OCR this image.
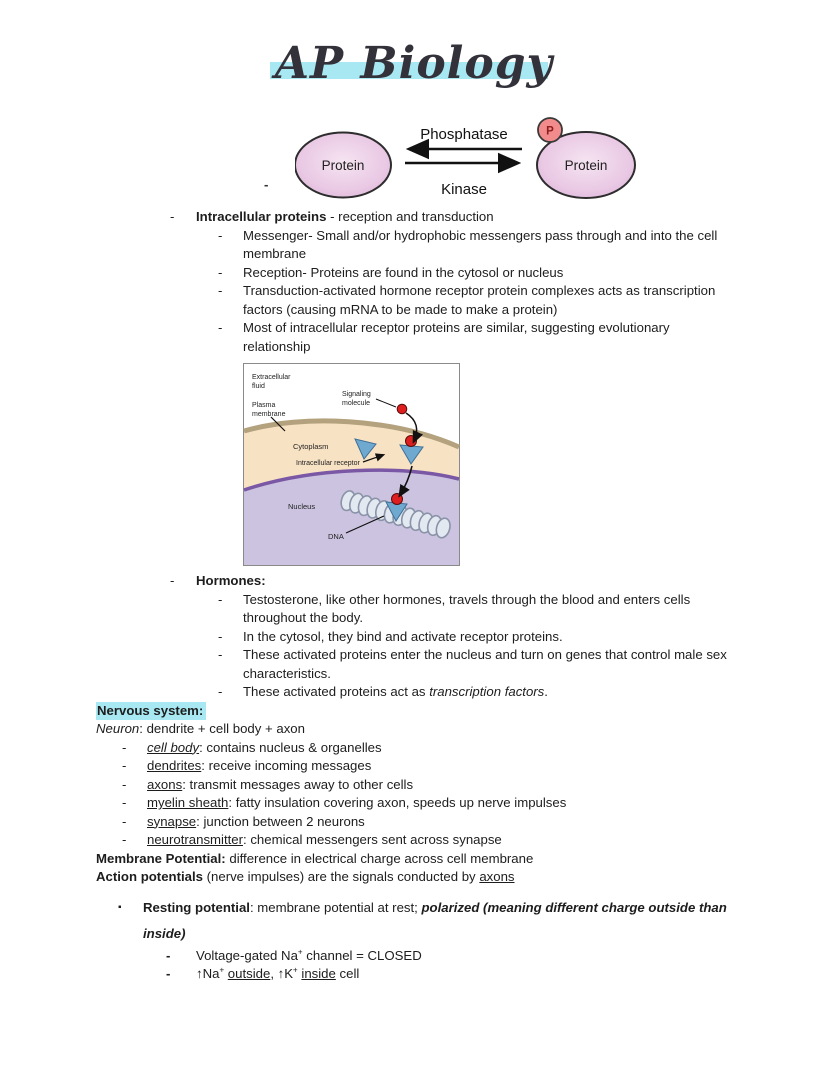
AP Biology
P
Protein	Protein
Phosphatase
Kinase
-	Intracellular proteins - reception and transduction
-	Messenger- Small and/or hydrophobic messengers pass through and into the cell membrane
-	Reception- Proteins are found in the cytosol or nucleus
-	Transduction-activated hormone receptor protein complexes acts as transcription factors (causing mRNA to be made to make a protein)
-	Most of intracellular receptor proteins are similar, suggesting evolutionary relationship
Extracellular
fluid
Plasma
membrane
Signaling
molecule
Cytoplasm
Intracellular receptor
Nucleus
DNA
-	Hormones:
-	Testosterone, like other hormones, travels through the blood and enters cells throughout the body.
-	In the cytosol, they bind and activate receptor proteins.
-	These activated proteins enter the nucleus and turn on genes that control male sex characteristics.
-	These activated proteins act as transcription factors.
Nervous system:
Neuron: dendrite + cell body + axon
-	cell body: contains nucleus & organelles
-	dendrites: receive incoming messages
-	axons: transmit messages away to other cells
-	myelin sheath: fatty insulation covering axon, speeds up nerve impulses
-	synapse: junction between 2 neurons
-	neurotransmitter: chemical messengers sent across synapse
Membrane Potential: difference in electrical charge across cell membrane
Action potentials (nerve impulses) are the signals conducted by axons
▪	Resting potential: membrane potential at rest; polarized (meaning different charge outside than inside)
-	Voltage-gated Na+ channel = CLOSED
-	↑Na+ outside, ↑K+ inside cell
-
